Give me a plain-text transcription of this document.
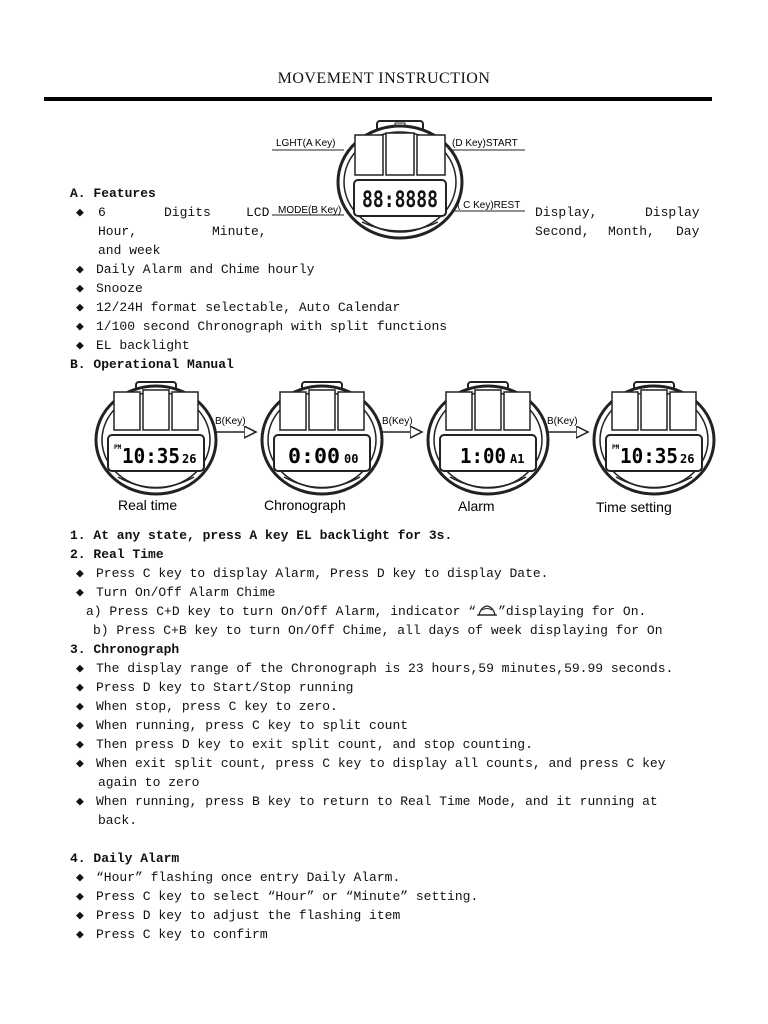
MOVEMENT INSTRUCTION
88:8888
LGHT(A Key)	(D Key)START
MODE(B Key)	( C Key)REST
A. Features
◆ 6	Digits	LCD	Display,	Display
Hour,	Minute,	Second, Month, Day
and week
◆ Daily Alarm and Chime hourly
◆ Snooze
◆ 12/24H format selectable, Auto Calendar
◆ 1/100 second Chronograph with split functions
◆ EL backlight
B. Operational Manual
PM 10:35 26
B(Key)
0:00 00
B(Key)
1:00 A1
B(Key)
PM 10:35 26
Real time	Chronograph	Alarm	Time setting
1. At any state, press A key EL backlight for 3s.
2. Real Time
◆ Press C key to display Alarm, Press D key to display Date.
◆ Turn On/Off Alarm Chime
a) Press C+D key to turn On/Off Alarm, indicator “ ”displaying for On.
b) Press C+B key to turn On/Off Chime, all days of week displaying for On
3. Chronograph
◆ The display range of the Chronograph is 23 hours,59 minutes,59.99 seconds.
◆ Press D key to Start/Stop running
◆ When stop, press C key to zero.
◆ When running, press C key to split count
◆ Then press D key to exit split count, and stop counting.
◆ When exit split count, press C key to display all counts, and press C key
again to zero
◆ When running, press B key to return to Real Time Mode, and it running at
back.
4. Daily Alarm
◆ “Hour” flashing once entry Daily Alarm.
◆ Press C key to select “Hour” or “Minute” setting.
◆ Press D key to adjust the flashing item
◆ Press C key to confirm
